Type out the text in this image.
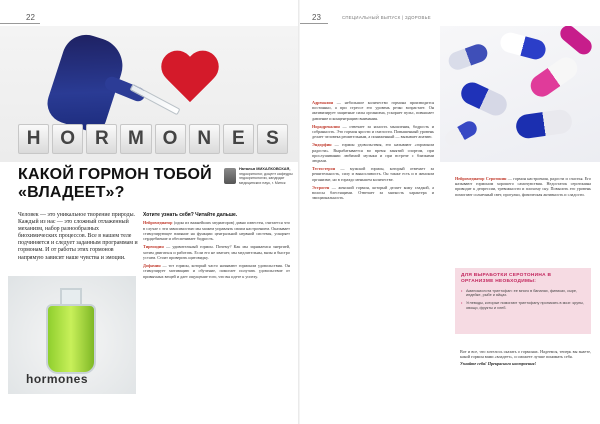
22
H	O	R	M O	N	E	S
КАКОЙ ГОРМОН ТОБОЙ «ВЛАДЕЕТ»?
Наталья МИХАЛКОВСКАЯ, эндокринолог, доцент кафедры эндокринологии, кандидат медицинских наук, г. Минск

Человек — это уникальное творение природы. Каждый из нас — это сложный отлаженный механизм, набор разнообразных биохимических процессов. Все в нашем теле подчиняется и следует заданным программам и гормонам. И от работы этих гормонов напрямую зависит наше чувства и эмоции.

hormones
Хотите узнать себя? Читайте дальше.

Нейромедиатор (один из важнейших медиаторов) давно известен, считается что в случае с эти зависимостью мы можем управлять своим настроением. Оказывает стимулирующее влияние на функции центральной нервной системы, ускоряет сердцебиение и обеспечивает бодрость.

Тиреоидин — удивительный гормон. Почему? Как мы заряжаемся энергией, хотим двигаться и работать. Если его не хватает, мы медлительны, вялы и быстро устаем. Стоит проверить щитовидку.

Дофамин — тот гормон, который часто называют гормоном удовольствия. Он стимулирует мотивацию и обучение, помогает получать удовольствие от привычных вещей и дает ощущение того, что вы идете к успеху.

23	СПЕЦИАЛЬНЫЙ ВЫПУСК | ЗДОРОВЬЕ

Адреналин — небольшое количество гормона производится постоянно, а при стрессе его уровень резко возрастает. Он активизирует защитные силы организма, ускоряет пульс, повышает давление и концентрацию внимания.

Норадреналин — отвечает за ясность мышления, бодрость и собранность. Это гормон ярости и смелости. Повышенный уровень делает человека решительным, а пониженный — вызывает апатию.

Эндорфин — гормон удовольствия, его называют «гормоном радости». Вырабатывается во время занятий спортом, при прослушивании любимой музыки и при встрече с близкими людьми.

Тестостерон — мужской гормон, который отвечает за решительность, силу и выносливость. Он также есть и в женском организме, но в гораздо меньшем количестве.

Эстроген — женский гормон, который делает кожу гладкой, а волосы блестящими. Отвечает за мягкость характера и эмоциональность.

Нейромедиатор Серотонин — гормон настроения, радости и счастья. Его называют гормоном хорошего самочувствия. Недостаток серотонина приводит к депрессии, тревожности и плохому сну. Повысить его уровень помогают солнечный свет, прогулки, физическая активность и сладости.

ДЛЯ ВЫРАБОТКИ СЕРОТОНИНА В ОРГАНИЗМЕ НЕОБХОДИМЫ:
• Аминокислота триптофан: ее много в бананах, финиках, сыре, индейке, рыбе и яйцах.
• Углеводы, которые помогают триптофану проникать в мозг: крупы, овощи, фрукты и хлеб.
Вот и все, что хотелось сказать о гормонах. Надеемся, теперь вы знаете, какой гормон вами «владеет», и сможете лучше понимать себя.
Узнайте себя! Прекрасного настроения!
